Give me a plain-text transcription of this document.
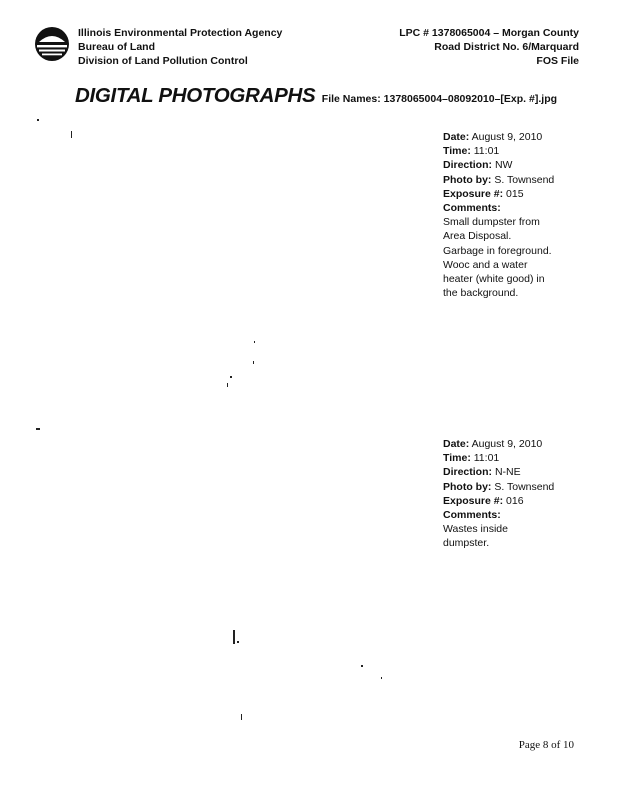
Illinois Environmental Protection Agency
Bureau of Land
Division of Land Pollution Control
LPC # 1378065004 – Morgan County
Road District No. 6/Marquard
FOS File
DIGITAL PHOTOGRAPHS File Names: 1378065004–08092010–[Exp. #].jpg
Date: August 9, 2010
Time: 11:01
Direction: NW
Photo by: S. Townsend
Exposure #: 015
Comments:
Small dumpster from
Area Disposal.
Garbage in foreground.
Wooc and a water
heater (white good) in
the background.
Date: August 9, 2010
Time: 11:01
Direction: N-NE
Photo by: S. Townsend
Exposure #: 016
Comments:
Wastes inside
dumpster.
Page 8 of 10
